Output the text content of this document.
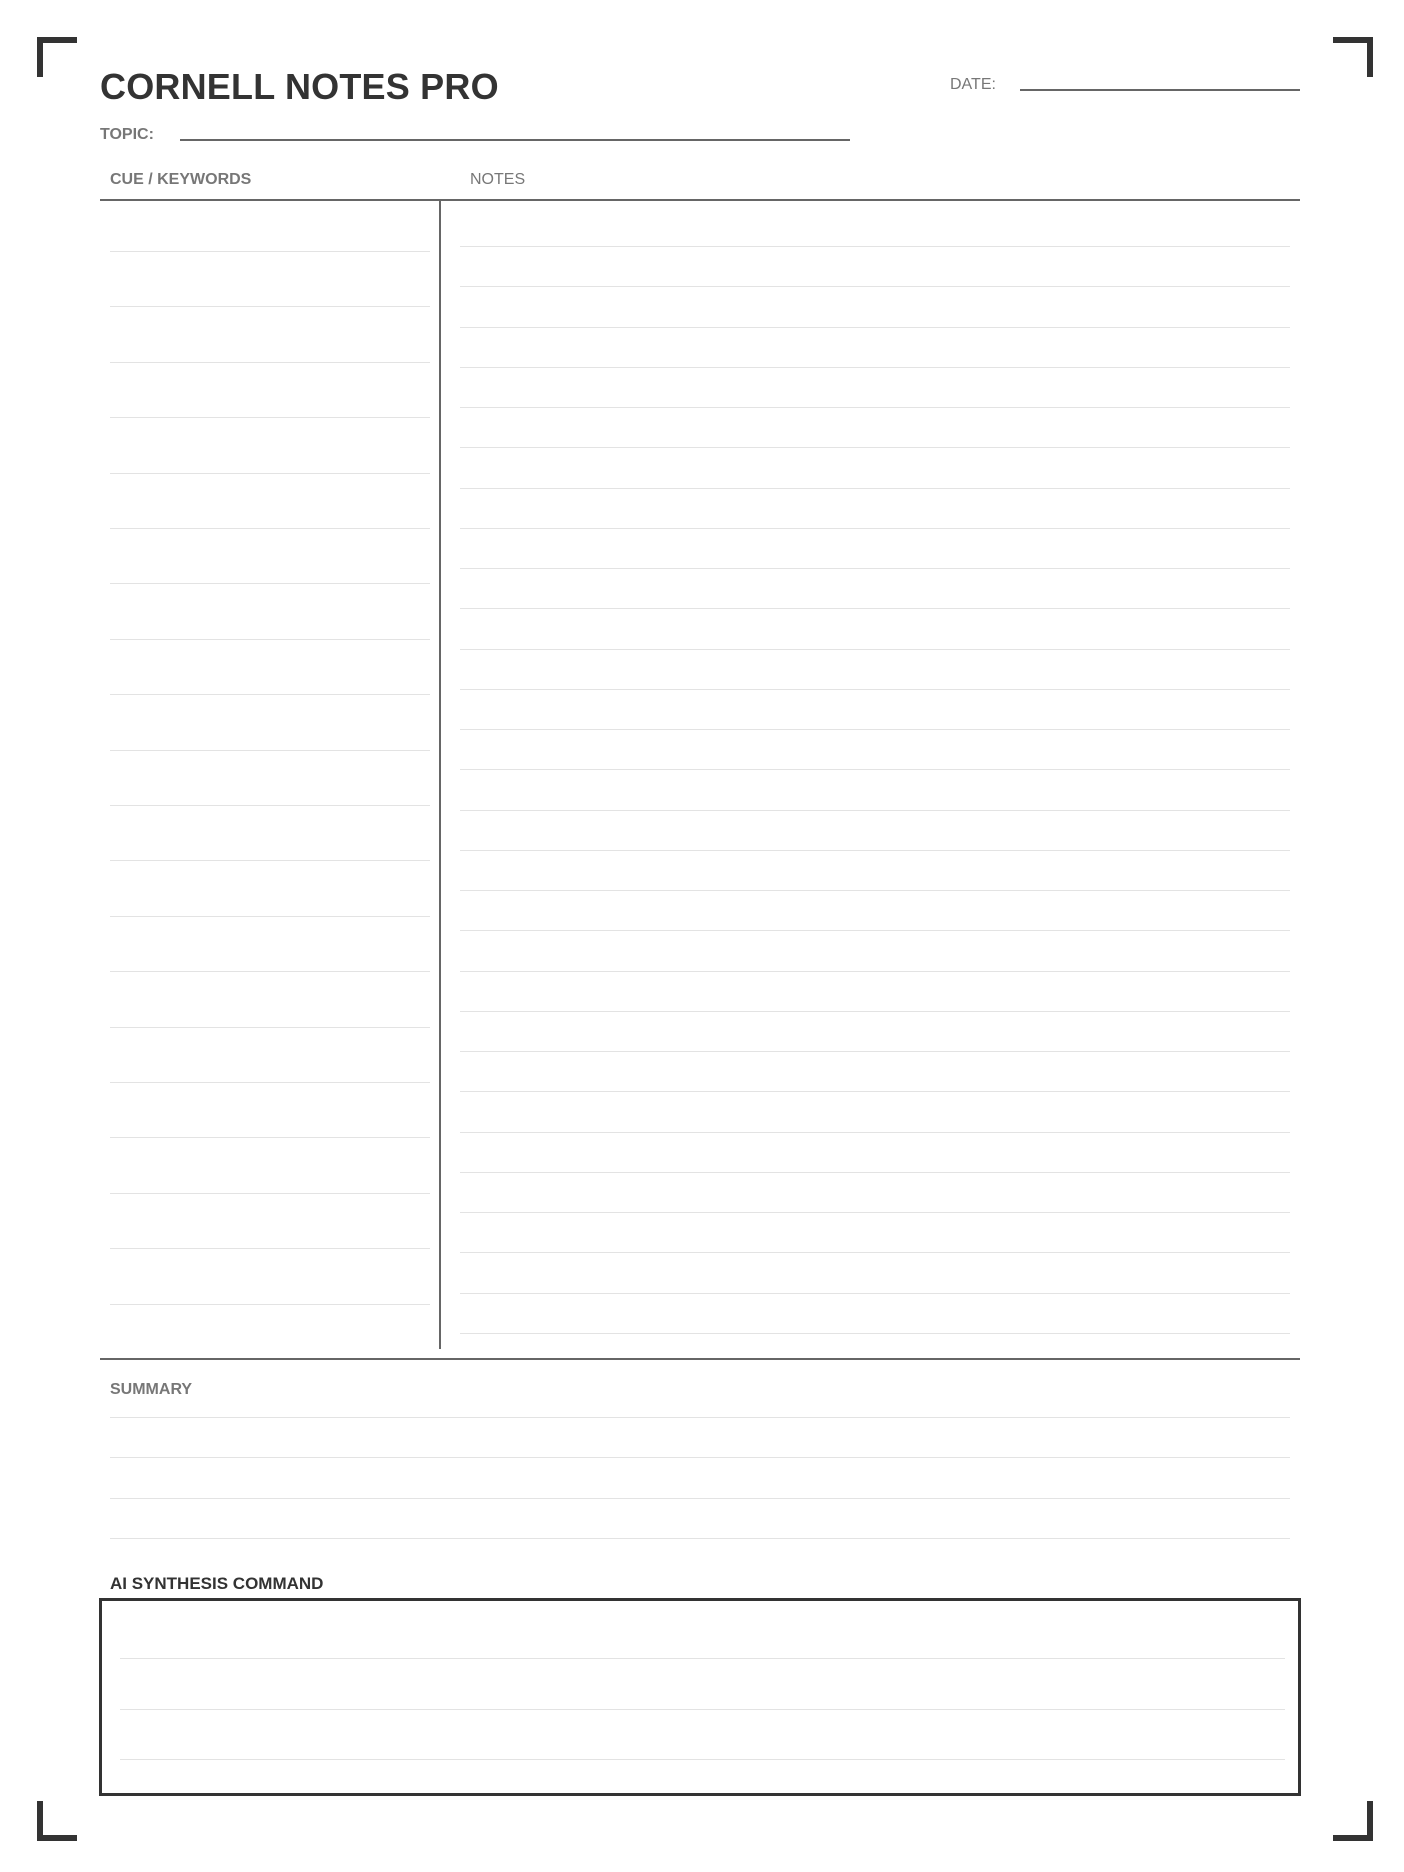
CORNELL NOTES PRO	DATE:
TOPIC:
CUE / KEYWORDS	NOTES
SUMMARY
AI SYNTHESIS COMMAND
